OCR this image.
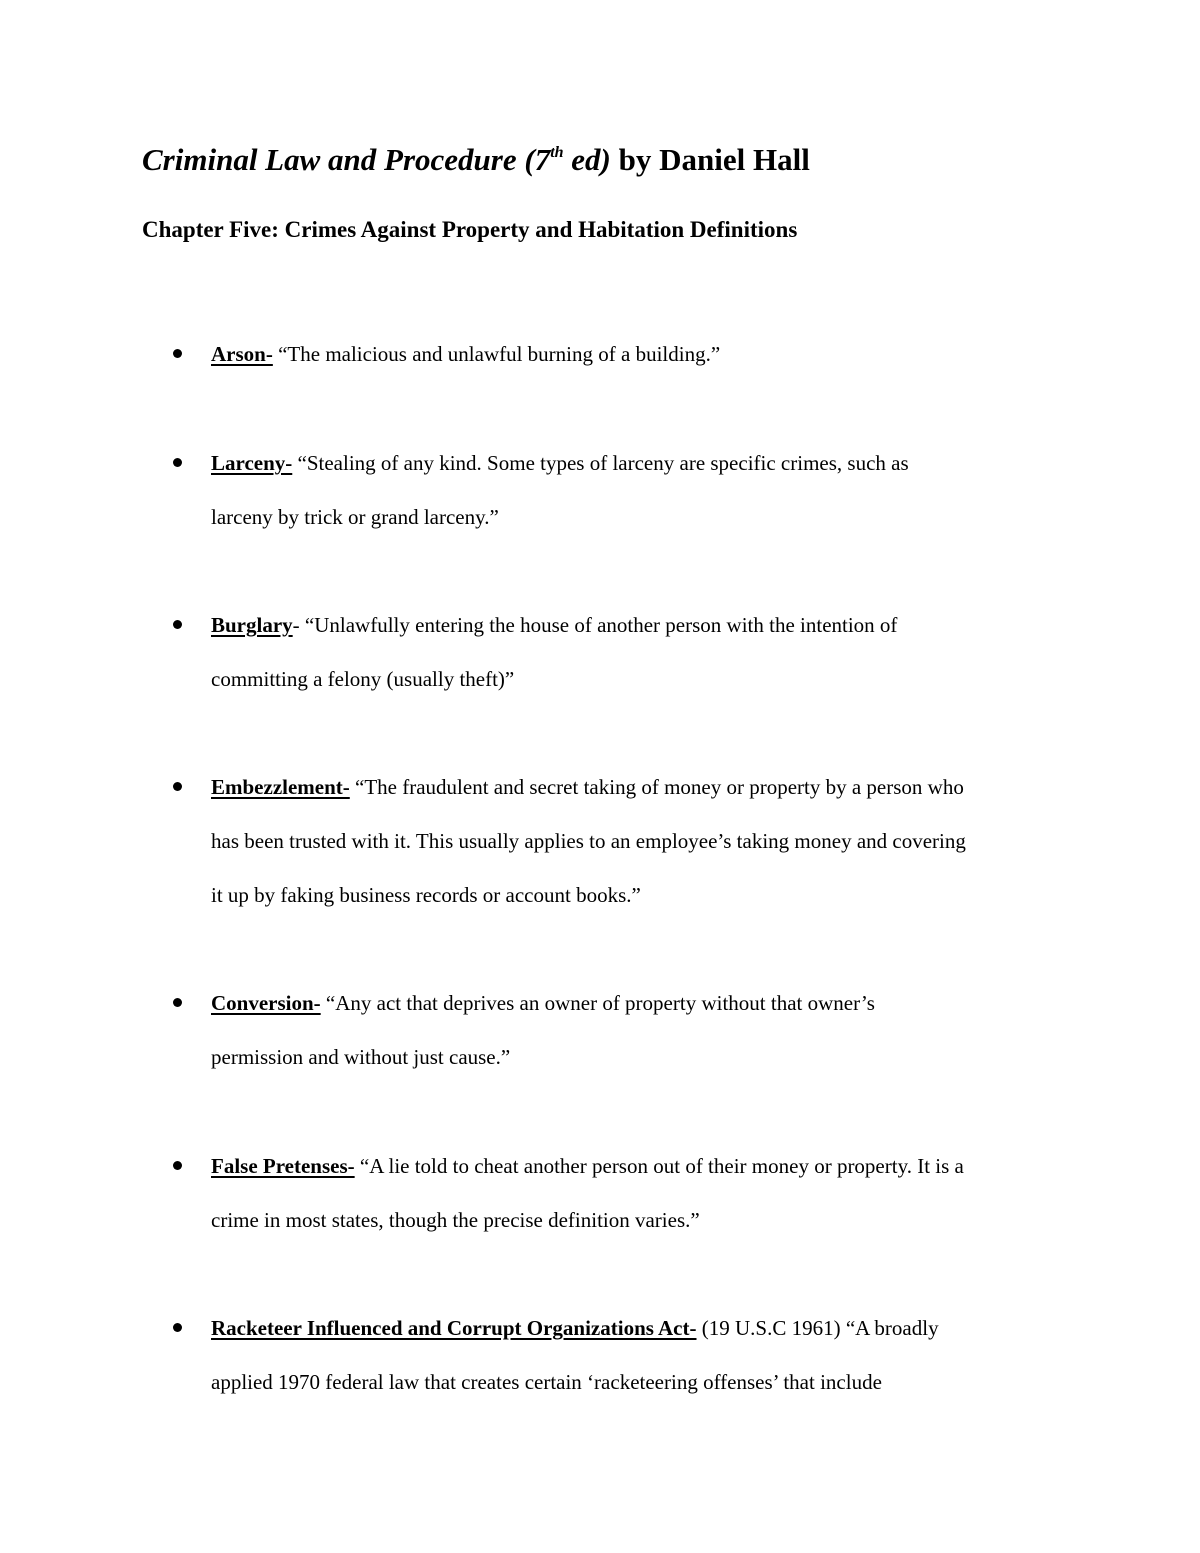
Criminal Law and Procedure (7th ed) by Daniel Hall
Chapter Five: Crimes Against Property and Habitation Definitions
Arson- “The malicious and unlawful burning of a building.”
Larceny- “Stealing of any kind. Some types of larceny are specific crimes, such as
larceny by trick or grand larceny.”
Burglary- “Unlawfully entering the house of another person with the intention of
committing a felony (usually theft)”
Embezzlement- “The fraudulent and secret taking of money or property by a person who
has been trusted with it. This usually applies to an employee’s taking money and covering
it up by faking business records or account books.”
Conversion- “Any act that deprives an owner of property without that owner’s
permission and without just cause.”
False Pretenses- “A lie told to cheat another person out of their money or property. It is a
crime in most states, though the precise definition varies.”
Racketeer Influenced and Corrupt Organizations Act- (19 U.S.C 1961) “A broadly
applied 1970 federal law that creates certain ‘racketeering offenses’ that include
